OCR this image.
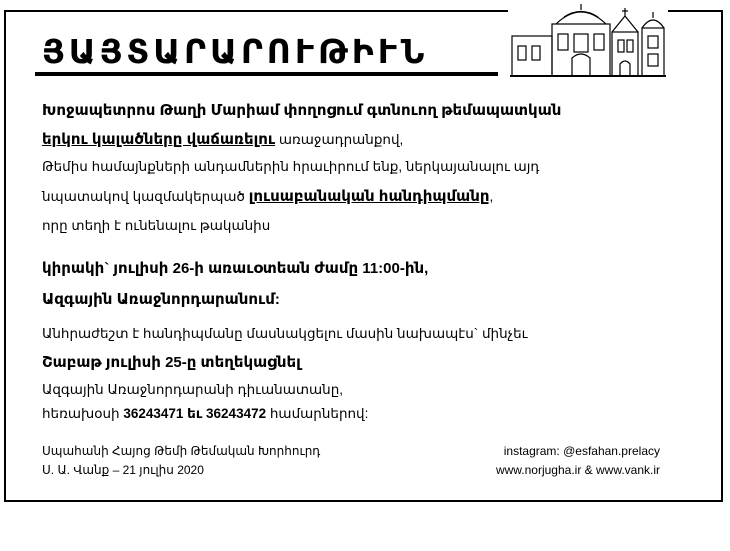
ՅԱՅՏԱՐԱՐՈՒԹԻՒՆ
Խոջապետրոս Թաղի Մարիամ փողոցում գտնուող թեմապատկան
երկու կալածները վաճառելու առաջադրանքով,
Թեմիս համայնքների անդամներին հրաւիրում ենք, ներկայանալու այդ
նպատակով կազմակերպած լուսաբանական հանդիպմանը,
որը տեղի է ունենալու թականիս
կիրակի` յուլիսի 26-ի առաւօտեան ժամը 11:00-ին,
Ազգային Առաջնորդարանում:
Անհրաժեշտ է հանդիպմանը մասնակցելու մասին նախապէս` մինչեւ
Շաբաթ յուլիսի 25-ը տեղեկացնել
Ազգային Առաջնորդարանի դիւանատանը,
հեռախօսի 36243471 եւ 36243472 համարներով:
Սպահանի Հայոց Թեմի Թեմական Խորհուրդ
Ս. Ա. Վանք – 21 յուլիս 2020
instagram: @esfahan.prelacy
www.norjugha.ir & www.vank.ir
